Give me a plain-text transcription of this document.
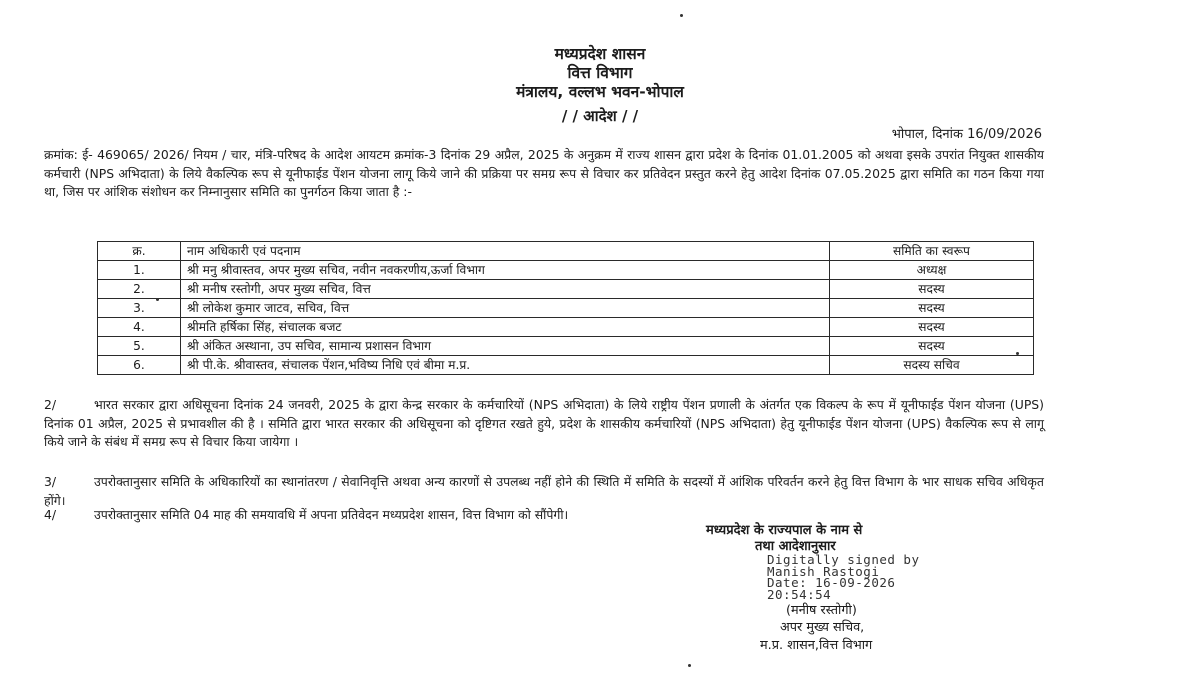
मध्यप्रदेश शासन
वित्त विभाग
मंत्रालय, वल्लभ भवन-भोपाल
/ / आदेश / /
भोपाल, दिनांक 16/09/2026
क्रमांक: ई- 469065/ 2026/ नियम / चार, मंत्रि-परिषद के आदेश आयटम क्रमांक-3 दिनांक 29 अप्रैल, 2025 के अनुक्रम में राज्य शासन द्वारा प्रदेश के दिनांक 01.01.2005 को अथवा इसके उपरांत नियुक्त शासकीय कर्मचारी (NPS अभिदाता) के लिये वैकल्पिक रूप से यूनीफाईड पेंशन योजना लागू किये जाने की प्रक्रिया पर समग्र रूप से विचार कर प्रतिवेदन प्रस्तुत करने हेतु आदेश दिनांक 07.05.2025 द्वारा समिति का गठन किया गया था, जिस पर आंशिक संशोधन कर निम्नानुसार समिति का पुनर्गठन किया जाता है :-
क्र.	नाम अधिकारी एवं पदनाम	समिति का स्वरूप
1.	श्री मनु श्रीवास्तव, अपर मुख्य सचिव, नवीन नवकरणीय,ऊर्जा विभाग	अध्यक्ष
2.	श्री मनीष रस्तोगी, अपर मुख्य सचिव, वित्त	सदस्य
3.	श्री लोकेश कुमार जाटव, सचिव, वित्त	सदस्य
4.	श्रीमति हर्षिका सिंह, संचालक बजट	सदस्य
5.	श्री अंकित अस्थाना, उप सचिव, सामान्य प्रशासन विभाग	सदस्य
6.	श्री पी.के. श्रीवास्तव, संचालक पेंशन,भविष्य निधि एवं बीमा म.प्र.	सदस्य सचिव
2/	भारत सरकार द्वारा अधिसूचना दिनांक 24 जनवरी, 2025 के द्वारा केन्द्र सरकार के कर्मचारियों (NPS अभिदाता) के लिये राष्ट्रीय पेंशन प्रणाली के अंतर्गत एक विकल्प के रूप में यूनीफाईड पेंशन योजना (UPS) दिनांक 01 अप्रैल, 2025 से प्रभावशील की है । समिति द्वारा भारत सरकार की अधिसूचना को दृष्टिगत रखते हुये, प्रदेश के शासकीय कर्मचारियों (NPS अभिदाता) हेतु यूनीफाईड पेंशन योजना (UPS) वैकल्पिक रूप से लागू किये जाने के संबंध में समग्र रूप से विचार किया जायेगा ।
3/	उपरोक्तानुसार समिति के अधिकारियों का स्थानांतरण / सेवानिवृत्ति अथवा अन्य कारणों से उपलब्ध नहीं होने की स्थिति में समिति के सदस्यों में आंशिक परिवर्तन करने हेतु वित्त विभाग के भार साधक सचिव अधिकृत होंगे।
4/	उपरोक्तानुसार समिति 04 माह की समयावधि में अपना प्रतिवेदन मध्यप्रदेश शासन, वित्त विभाग को सौंपेगी।
मध्यप्रदेश के राज्यपाल के नाम से
तथा आदेशानुसार
Digitally signed by
Manish Rastogi
Date: 16-09-2026
20:54:54
(मनीष रस्तोगी)
अपर मुख्य सचिव,
म.प्र. शासन,वित्त विभाग
